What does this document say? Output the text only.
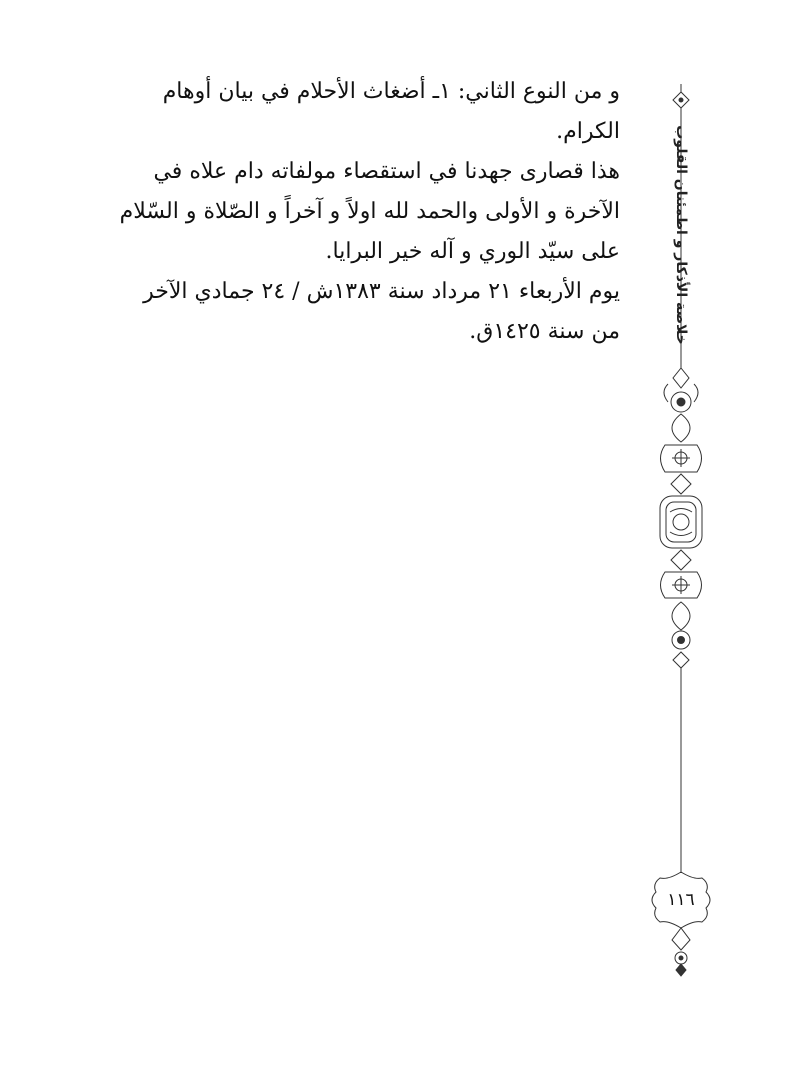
خلاصة الأذكار و اطمئنان القلوب
١١٦

و من النوع الثاني: ١ـ أضغاث الأحلام في بيان أوهام الكرام.

هذا قصارى جهدنا في استقصاء مولفاته دام علاه في الآخرة و الأولى والحمد لله اولاً و آخراً و الصّلاة و السّلام على سيّد الوري و آله خير البرايا.

يوم الأربعاء ٢١ مرداد سنة ١٣٨٣ش / ٢٤ جمادي الآخر من سنة ١٤٢٥ق.
